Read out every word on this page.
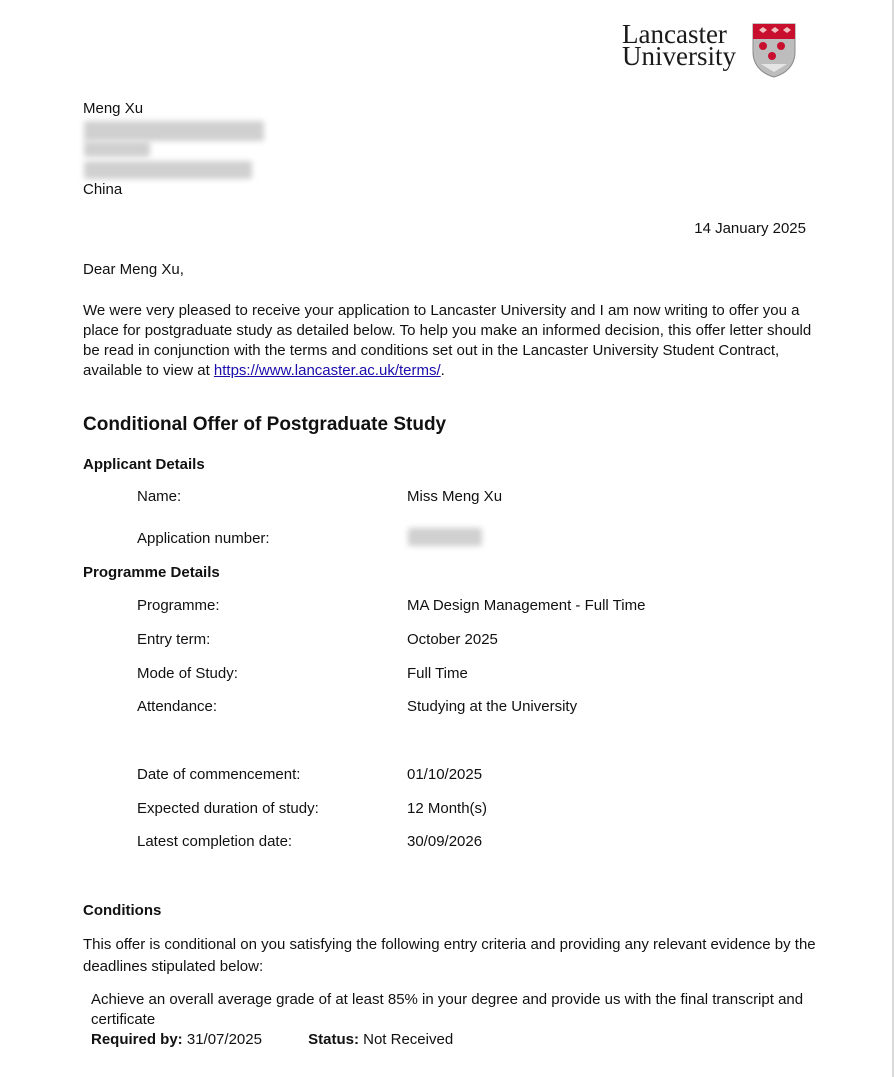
Lancaster
University
Meng Xu
China
14 January 2025
Dear Meng Xu,
We were very pleased to receive your application to Lancaster University and I am now writing to offer you a place for postgraduate study as detailed below. To help you make an informed decision, this offer letter should be read in conjunction with the terms and conditions set out in the Lancaster University Student Contract, available to view at https://www.lancaster.ac.uk/terms/.
Conditional Offer of Postgraduate Study
Applicant Details
Name:	Miss Meng Xu
Application number:
Programme Details
Programme:	MA Design Management - Full Time
Entry term:	October 2025
Mode of Study:	Full Time
Attendance:	Studying at the University
Date of commencement:	01/10/2025
Expected duration of study:	12 Month(s)
Latest completion date:	30/09/2026
Conditions
This offer is conditional on you satisfying the following entry criteria and providing any relevant evidence by the deadlines stipulated below:
Achieve an overall average grade of at least 85% in your degree and provide us with the final transcript and certificate
Required by: 31/07/2025	Status: Not Received
